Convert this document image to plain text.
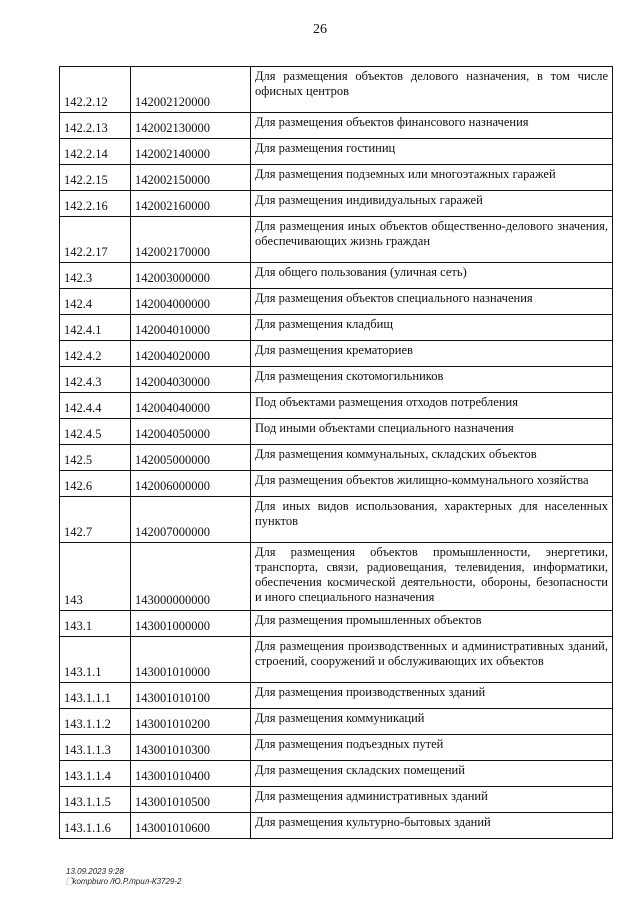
26
142.2.12	142002120000	Для размещения объектов делового назначения, в том числе офисных центров
142.2.13	142002130000	Для размещения объектов финансового назначения
142.2.14	142002140000	Для размещения гостиниц
142.2.15	142002150000	Для размещения подземных или многоэтажных гаражей
142.2.16	142002160000	Для размещения индивидуальных гаражей
142.2.17	142002170000	Для размещения иных объектов общественно-делового значения, обеспечивающих жизнь граждан
142.3	142003000000	Для общего пользования (уличная сеть)
142.4	142004000000	Для размещения объектов специального назначения
142.4.1	142004010000	Для размещения кладбищ
142.4.2	142004020000	Для размещения крематориев
142.4.3	142004030000	Для размещения скотомогильников
142.4.4	142004040000	Под объектами размещения отходов потребления
142.4.5	142004050000	Под иными объектами специального назначения
142.5	142005000000	Для размещения коммунальных, складских объектов
142.6	142006000000	Для размещения объектов жилищно-коммунального хозяйства
142.7	142007000000	Для иных видов использования, характерных для населенных пунктов
143	143000000000	Для размещения объектов промышленности, энергетики, транспорта, связи, радиовещания, телевидения, информатики, обеспечения космической деятельности, обороны, безопасности и иного специального назначения
143.1	143001000000	Для размещения промышленных объектов
143.1.1	143001010000	Для размещения производственных и административных зданий, строений, сооружений и обслуживающих их объектов
143.1.1.1	143001010100	Для размещения производственных зданий
143.1.1.2	143001010200	Для размещения коммуникаций
143.1.1.3	143001010300	Для размещения подъездных путей
143.1.1.4	143001010400	Для размещения складских помещений
143.1.1.5	143001010500	Для размещения административных зданий
143.1.1.6	143001010600	Для размещения культурно-бытовых зданий
13.09.2023 9:28
🗋kompburo /Ю.Р./прил-К3729-2
